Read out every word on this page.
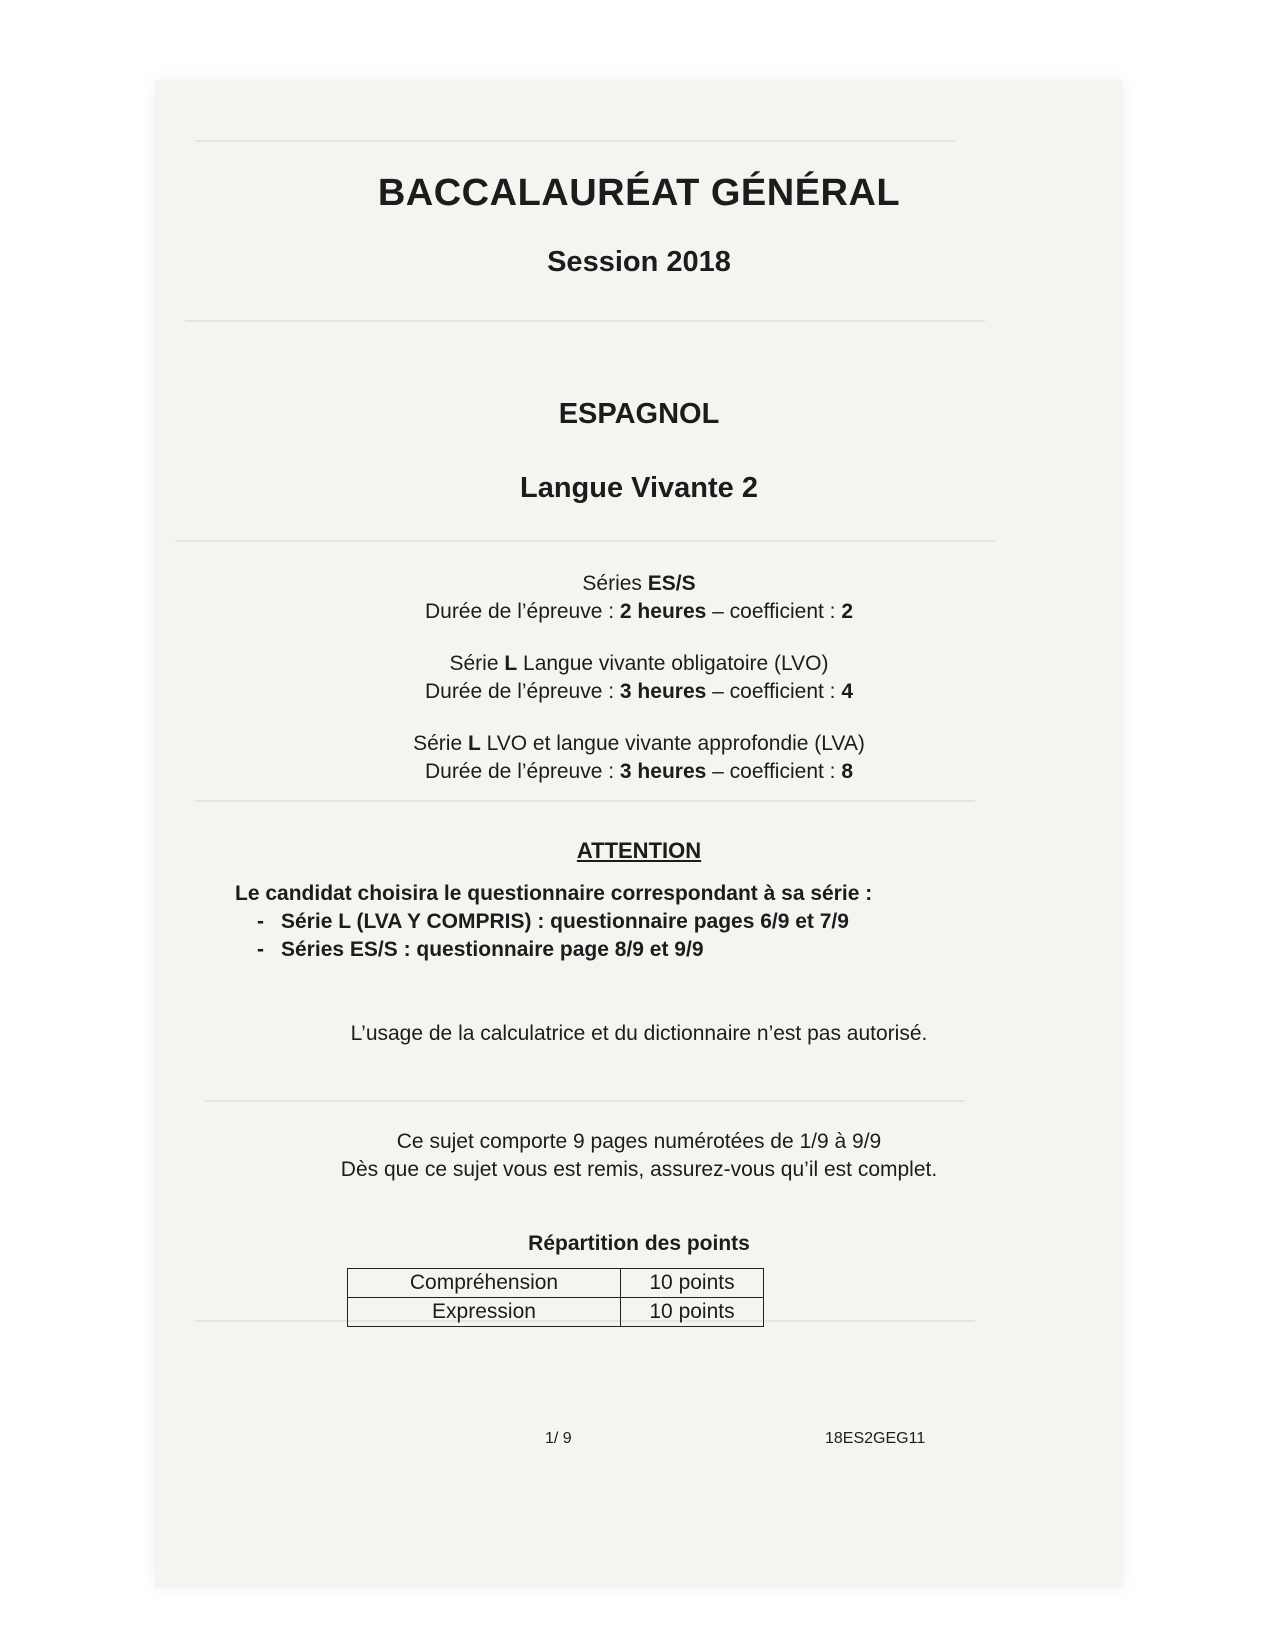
BACCALAURÉAT GÉNÉRAL
Session 2018
ESPAGNOL
Langue Vivante 2
Séries ES/S
Durée de l’épreuve : 2 heures – coefficient : 2
Série L Langue vivante obligatoire (LVO)
Durée de l’épreuve : 3 heures – coefficient : 4
Série L LVO et langue vivante approfondie (LVA)
Durée de l’épreuve : 3 heures – coefficient : 8
ATTENTION
Le candidat choisira le questionnaire correspondant à sa série :
- Série L (LVA Y COMPRIS) : questionnaire pages 6/9 et 7/9
- Séries ES/S : questionnaire page 8/9 et 9/9
L’usage de la calculatrice et du dictionnaire n’est pas autorisé.
Ce sujet comporte 9 pages numérotées de 1/9 à 9/9
Dès que ce sujet vous est remis, assurez-vous qu’il est complet.
Répartition des points
Compréhension	10 points
Expression	10 points
1/ 9	18ES2GEG11
